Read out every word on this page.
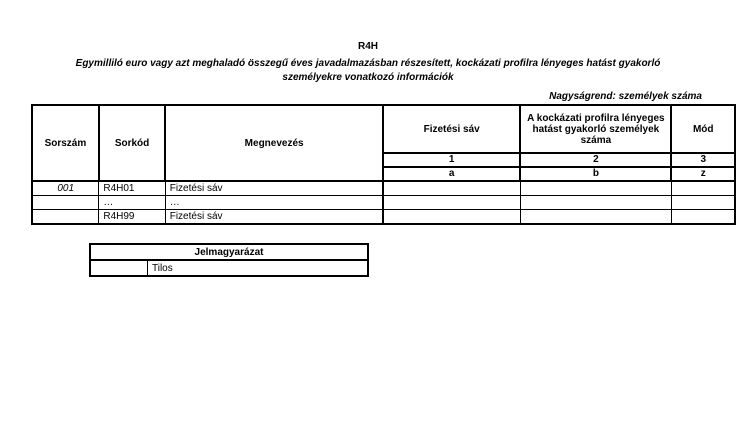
R4H
Egymilliló euro vagy azt meghaladó összegű éves javadalmazásban részesített, kockázati profilra lényeges hatást gyakorló
személyekre vonatkozó információk
Nagyságrend: személyek száma
Sorszám	Sorkód	Megnevezés	Fizetési sáv	A kockázati profilra lényeges hatást gyakorló személyek száma	Mód
			1	2	3
			a	b	z
001	R4H01	Fizetési sáv			
	…	…			
	R4H99	Fizetési sáv			
Jelmagyarázat
	Tilos
